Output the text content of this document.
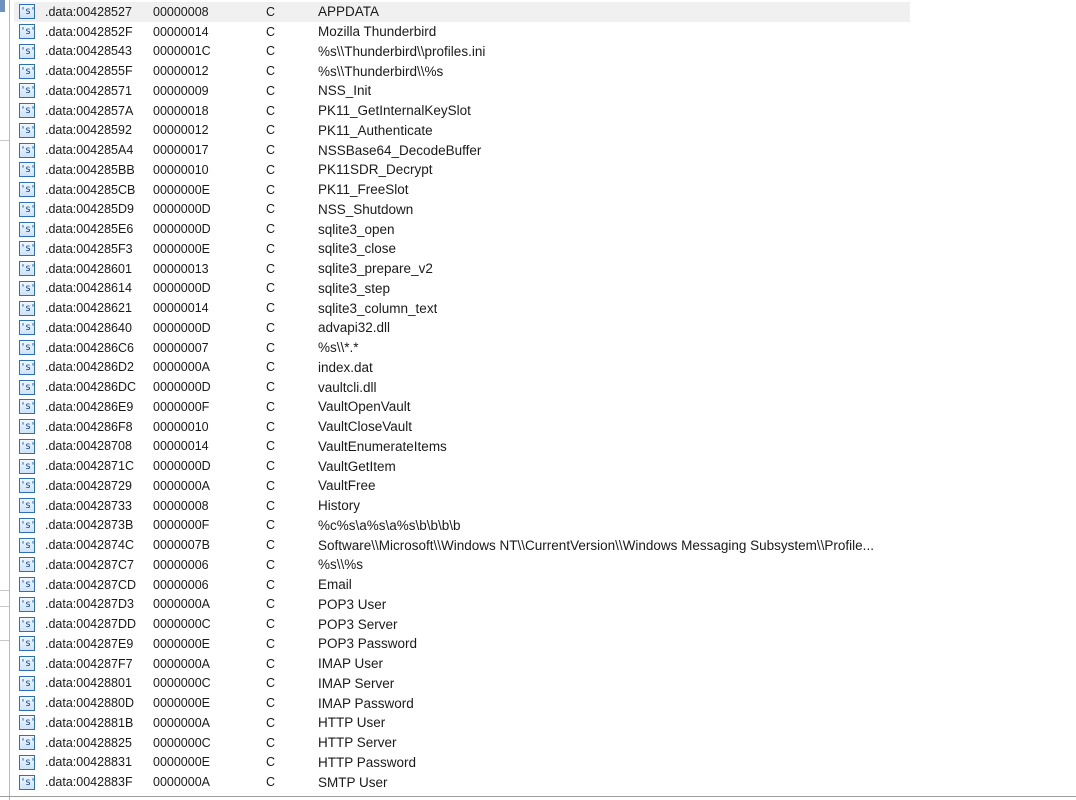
's' .data:00428527	00000008	C	APPDATA
's' .data:0042852F	00000014	C	Mozilla Thunderbird
's' .data:00428543	0000001C	C	%s\\Thunderbird\\profiles.ini
's' .data:0042855F	00000012	C	%s\\Thunderbird\\%s
's' .data:00428571	00000009	C	NSS_Init
's' .data:0042857A	00000018	C	PK11_GetInternalKeySlot
's' .data:00428592	00000012	C	PK11_Authenticate
's' .data:004285A4	00000017	C	NSSBase64_DecodeBuffer
's' .data:004285BB	00000010	C	PK11SDR_Decrypt
's' .data:004285CB	0000000E	C	PK11_FreeSlot
's' .data:004285D9	0000000D	C	NSS_Shutdown
's' .data:004285E6	0000000D	C	sqlite3_open
's' .data:004285F3	0000000E	C	sqlite3_close
's' .data:00428601	00000013	C	sqlite3_prepare_v2
's' .data:00428614	0000000D	C	sqlite3_step
's' .data:00428621	00000014	C	sqlite3_column_text
's' .data:00428640	0000000D	C	advapi32.dll
's' .data:004286C6	00000007	C	%s\\*.*
's' .data:004286D2	0000000A	C	index.dat
's' .data:004286DC	0000000D	C	vaultcli.dll
's' .data:004286E9	0000000F	C	VaultOpenVault
's' .data:004286F8	00000010	C	VaultCloseVault
's' .data:00428708	00000014	C	VaultEnumerateItems
's' .data:0042871C	0000000D	C	VaultGetItem
's' .data:00428729	0000000A	C	VaultFree
's' .data:00428733	00000008	C	History
's' .data:0042873B	0000000F	C	%c%s\a%s\a%s\b\b\b\b
's' .data:0042874C	0000007B	C	Software\\Microsoft\\Windows NT\\CurrentVersion\\Windows Messaging Subsystem\\Profile...
's' .data:004287C7	00000006	C	%s\\%s
's' .data:004287CD	00000006	C	Email
's' .data:004287D3	0000000A	C	POP3 User
's' .data:004287DD	0000000C	C	POP3 Server
's' .data:004287E9	0000000E	C	POP3 Password
's' .data:004287F7	0000000A	C	IMAP User
's' .data:00428801	0000000C	C	IMAP Server
's' .data:0042880D	0000000E	C	IMAP Password
's' .data:0042881B	0000000A	C	HTTP User
's' .data:00428825	0000000C	C	HTTP Server
's' .data:00428831	0000000E	C	HTTP Password
's' .data:0042883F	0000000A	C	SMTP User
